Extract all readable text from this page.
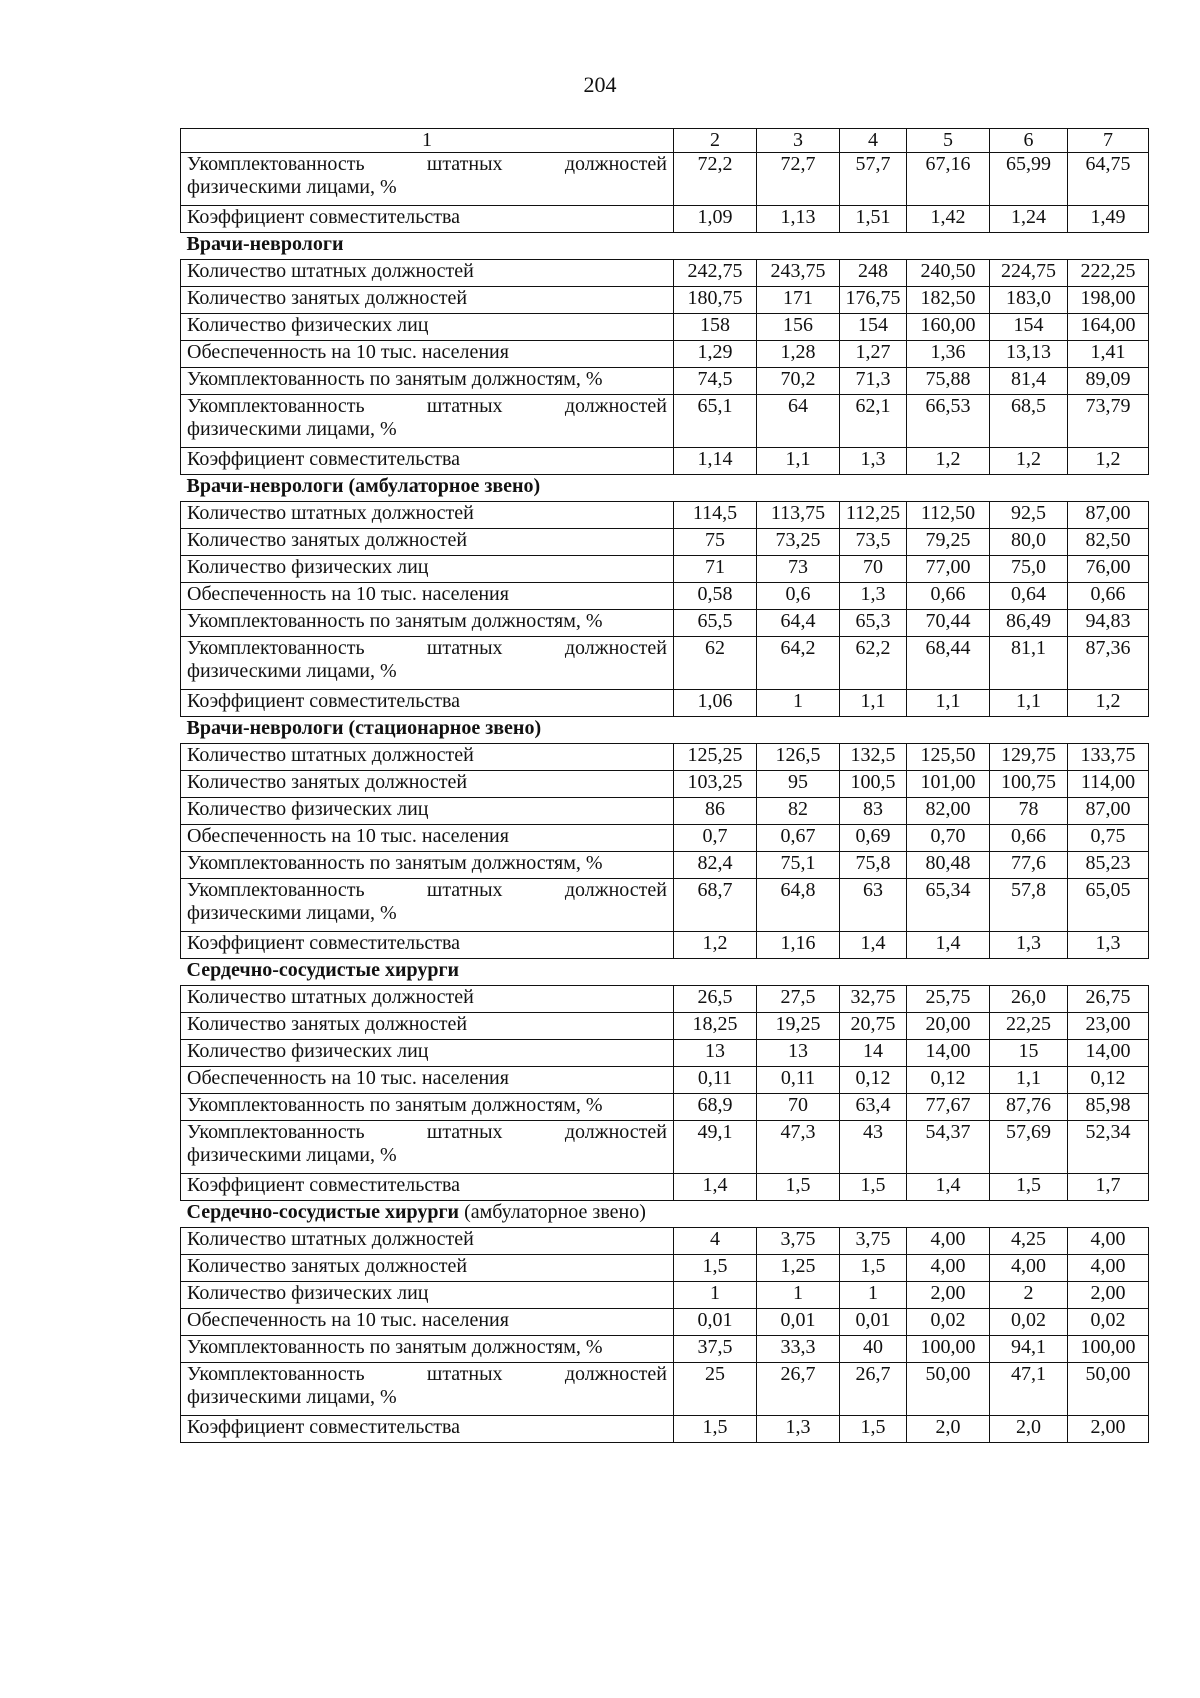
204
1	2	3	4	5	6	7
Укомплектованность штатных должностей физическими лицами, %	72,2	72,7	57,7	67,16	65,99	64,75
Коэффициент совместительства	1,09	1,13	1,51	1,42	1,24	1,49
Врачи-неврологи						
Количество штатных должностей	242,75	243,75	248	240,50	224,75	222,25
Количество занятых должностей	180,75	171	176,75	182,50	183,0	198,00
Количество физических лиц	158	156	154	160,00	154	164,00
Обеспеченность на 10 тыс. населения	1,29	1,28	1,27	1,36	13,13	1,41
Укомплектованность по занятым должностям, %	74,5	70,2	71,3	75,88	81,4	89,09
Укомплектованность штатных должностей физическими лицами, %	65,1	64	62,1	66,53	68,5	73,79
Коэффициент совместительства	1,14	1,1	1,3	1,2	1,2	1,2
Врачи-неврологи (амбулаторное звено)						
Количество штатных должностей	114,5	113,75	112,25	112,50	92,5	87,00
Количество занятых должностей	75	73,25	73,5	79,25	80,0	82,50
Количество физических лиц	71	73	70	77,00	75,0	76,00
Обеспеченность на 10 тыс. населения	0,58	0,6	1,3	0,66	0,64	0,66
Укомплектованность по занятым должностям, %	65,5	64,4	65,3	70,44	86,49	94,83
Укомплектованность штатных должностей физическими лицами, %	62	64,2	62,2	68,44	81,1	87,36
Коэффициент совместительства	1,06	1	1,1	1,1	1,1	1,2
Врачи-неврологи (стационарное звено)						
Количество штатных должностей	125,25	126,5	132,5	125,50	129,75	133,75
Количество занятых должностей	103,25	95	100,5	101,00	100,75	114,00
Количество физических лиц	86	82	83	82,00	78	87,00
Обеспеченность на 10 тыс. населения	0,7	0,67	0,69	0,70	0,66	0,75
Укомплектованность по занятым должностям, %	82,4	75,1	75,8	80,48	77,6	85,23
Укомплектованность штатных должностей физическими лицами, %	68,7	64,8	63	65,34	57,8	65,05
Коэффициент совместительства	1,2	1,16	1,4	1,4	1,3	1,3
Сердечно-сосудистые хирурги						
Количество штатных должностей	26,5	27,5	32,75	25,75	26,0	26,75
Количество занятых должностей	18,25	19,25	20,75	20,00	22,25	23,00
Количество физических лиц	13	13	14	14,00	15	14,00
Обеспеченность на 10 тыс. населения	0,11	0,11	0,12	0,12	1,1	0,12
Укомплектованность по занятым должностям, %	68,9	70	63,4	77,67	87,76	85,98
Укомплектованность штатных должностей физическими лицами, %	49,1	47,3	43	54,37	57,69	52,34
Коэффициент совместительства	1,4	1,5	1,5	1,4	1,5	1,7
Сердечно-сосудистые хирурги (амбулаторное звено)						
Количество штатных должностей	4	3,75	3,75	4,00	4,25	4,00
Количество занятых должностей	1,5	1,25	1,5	4,00	4,00	4,00
Количество физических лиц	1	1	1	2,00	2	2,00
Обеспеченность на 10 тыс. населения	0,01	0,01	0,01	0,02	0,02	0,02
Укомплектованность по занятым должностям, %	37,5	33,3	40	100,00	94,1	100,00
Укомплектованность штатных должностей физическими лицами, %	25	26,7	26,7	50,00	47,1	50,00
Коэффициент совместительства	1,5	1,3	1,5	2,0	2,0	2,00
